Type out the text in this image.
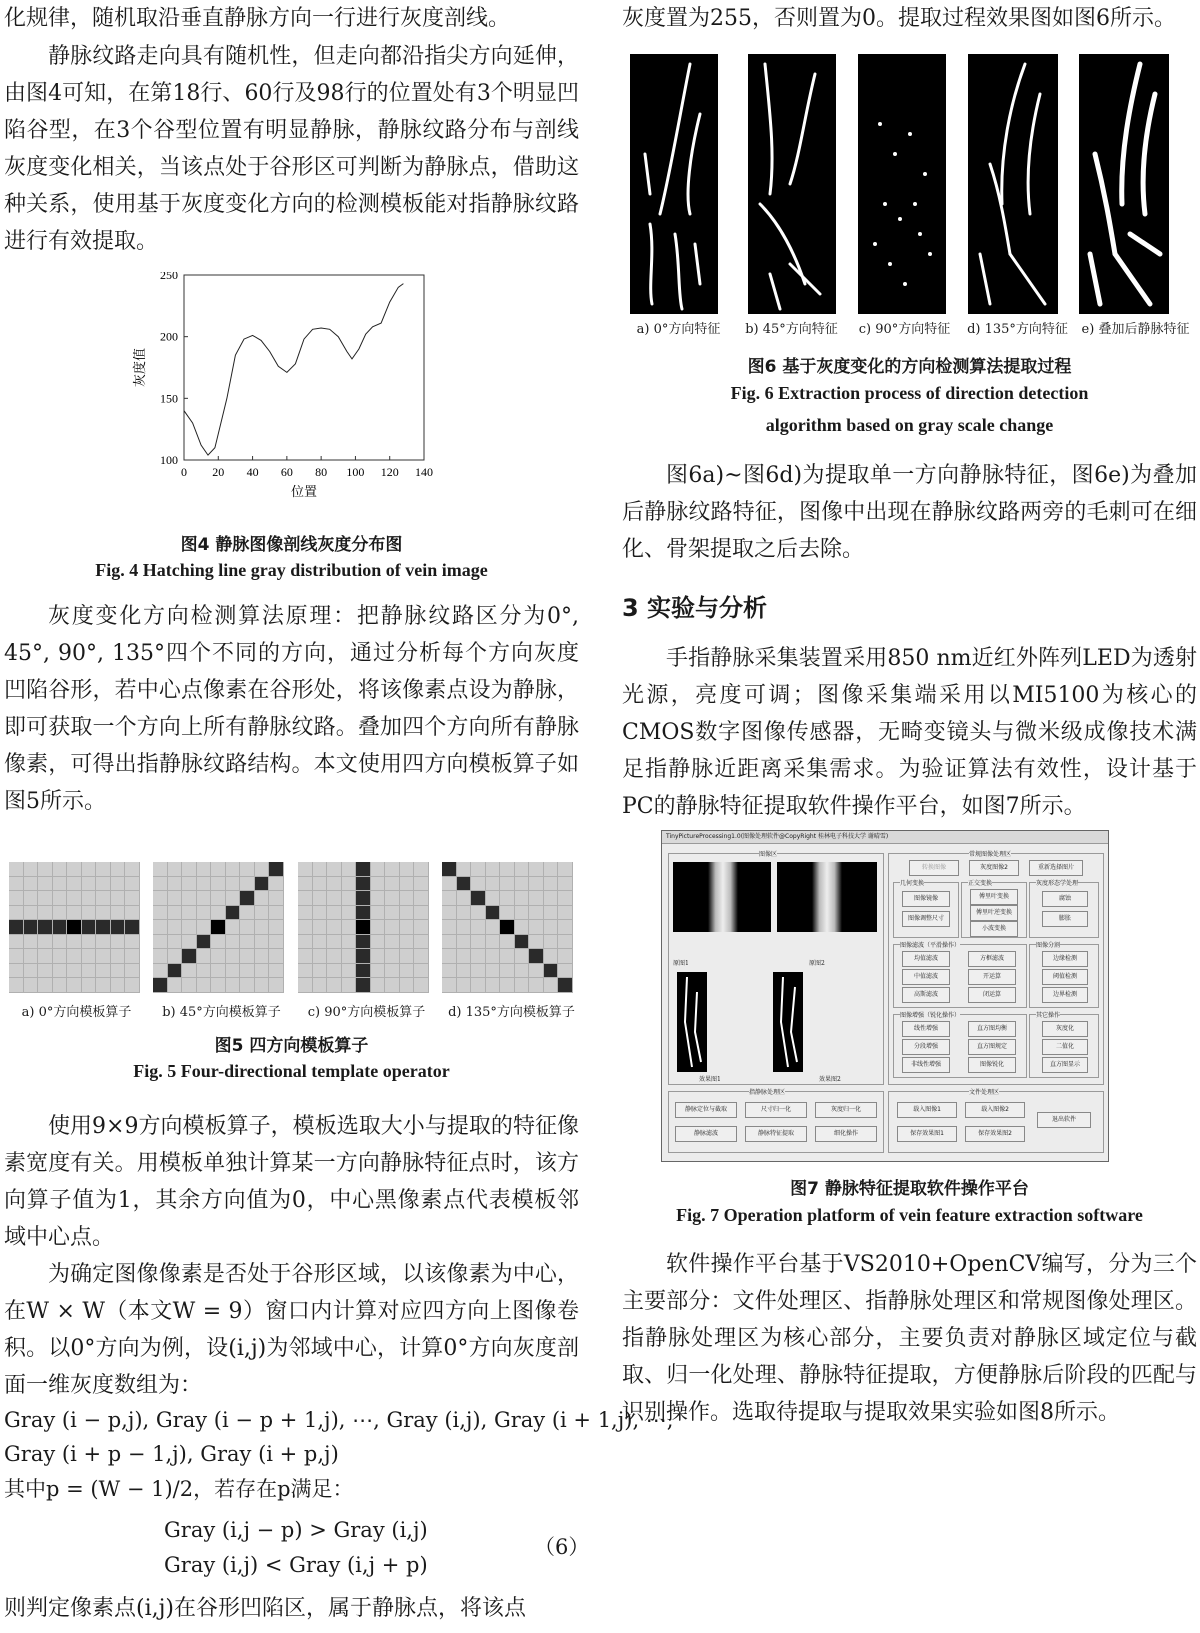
化规律，随机取沿垂直静脉方向一行进行灰度剖线。

静脉纹路走向具有随机性，但走向都沿指尖方向延伸，由图4可知，在第18行、60行及98行的位置处有3个明显凹陷谷型，在3个谷型位置有明显静脉，静脉纹路分布与剖线灰度变化相关，当该点处于谷形区可判断为静脉点，借助这种关系，使用基于灰度变化方向的检测模板能对指静脉纹路进行有效提取。

0 20 40 60 80 100 120 140
100
150
200
250
位置
灰度值

图4 静脉图像剖线灰度分布图

Fig. 4 Hatching line gray distribution of vein image

灰度变化方向检测算法原理：把静脉纹路区分为0°, 45°, 90°, 135°四个不同的方向，通过分析每个方向灰度凹陷谷形，若中心点像素在谷形处，将该像素点设为静脉，即可获取一个方向上所有静脉纹路。叠加四个方向所有静脉像素，可得出指静脉纹路结构。本文使用四方向模板算子如图5所示。

a) 0°方向模板算子	b) 45°方向模板算子	c) 90°方向模板算子	d) 135°方向模板算子

图5 四方向模板算子

Fig. 5 Four-directional template operator

使用9×9方向模板算子，模板选取大小与提取的特征像素宽度有关。用模板单独计算某一方向静脉特征点时，该方向算子值为1，其余方向值为0，中心黑像素点代表模板邻域中心点。

为确定图像像素是否处于谷形区域，以该像素为中心，在W × W（本文W = 9）窗口内计算对应四方向上图像卷积。以0°方向为例，设(i,j)为邻域中心，计算0°方向灰度剖面一维灰度数组为：

Gray (i − p,j), Gray (i − p + 1,j), ⋯, Gray (i,j), Gray (i + 1,j), ⋯,
Gray (i + p − 1,j), Gray (i + p,j)
其中p = (W − 1)/2，若存在p满足：
Gray (i,j − p) > Gray (i,j)
Gray (i,j) < Gray (i,j + p)
（6）

则判定像素点(i,j)在谷形凹陷区，属于静脉点，将该点

灰度置为255，否则置为0。提取过程效果图如图6所示。

a) 0°方向特征	b) 45°方向特征	c) 90°方向特征	d) 135°方向特征	e) 叠加后静脉特征

图6 基于灰度变化的方向检测算法提取过程

Fig. 6 Extraction process of direction detection

algorithm based on gray scale change

图6a)~图6d)为提取单一方向静脉特征，图6e)为叠加后静脉纹路特征，图像中出现在静脉纹路两旁的毛刺可在细化、骨架提取之后去除。

3 实验与分析

手指静脉采集装置采用850 nm近红外阵列LED为透射光源，亮度可调；图像采集端采用以MI5100为核心的CMOS数字图像传感器，无畸变镜头与微米级成像技术满足指静脉近距离采集需求。为验证算法有效性，设计基于PC的静脉特征提取软件操作平台，如图7所示。

TinyPictureProcessing1.0(图像处理软件@CopyRight 桂林电子科技大学 谢晴雪)
图像区
原图1	原图2
效果图1	效果图2
常规图像处理区
转换图像	灰度图像2	重新选择图片
几何变换
图像镜像
图像调整尺寸
正交变换
傅里叶变换
傅里叶逆变换
小波变换
灰度形态学处理
腐蚀
膨胀
图像滤波（平滑操作）
均值滤波
中值滤波
高斯滤波
方框滤波
开运算
闭运算
图像分割
边缘检测
阈值检测
边界检测
图像增强（锐化操作）
线性增强
分段增强
非线性增强
直方图均衡
直方图规定
图像锐化
其它操作
灰度化
二值化
直方图显示
指静脉处理区
静脉定位与截取	尺寸归一化	灰度归一化
静脉滤波	静脉特征提取	细化操作
文件处理区
载入图像1	载入图像2
保存效果图1	保存效果图2
退出软件

图7 静脉特征提取软件操作平台

Fig. 7 Operation platform of vein feature extraction software

软件操作平台基于VS2010+OpenCV编写，分为三个主要部分：文件处理区、指静脉处理区和常规图像处理区。指静脉处理区为核心部分，主要负责对静脉区域定位与截取、归一化处理、静脉特征提取，方便静脉后阶段的匹配与识别操作。选取待提取与提取效果实验如图8所示。
